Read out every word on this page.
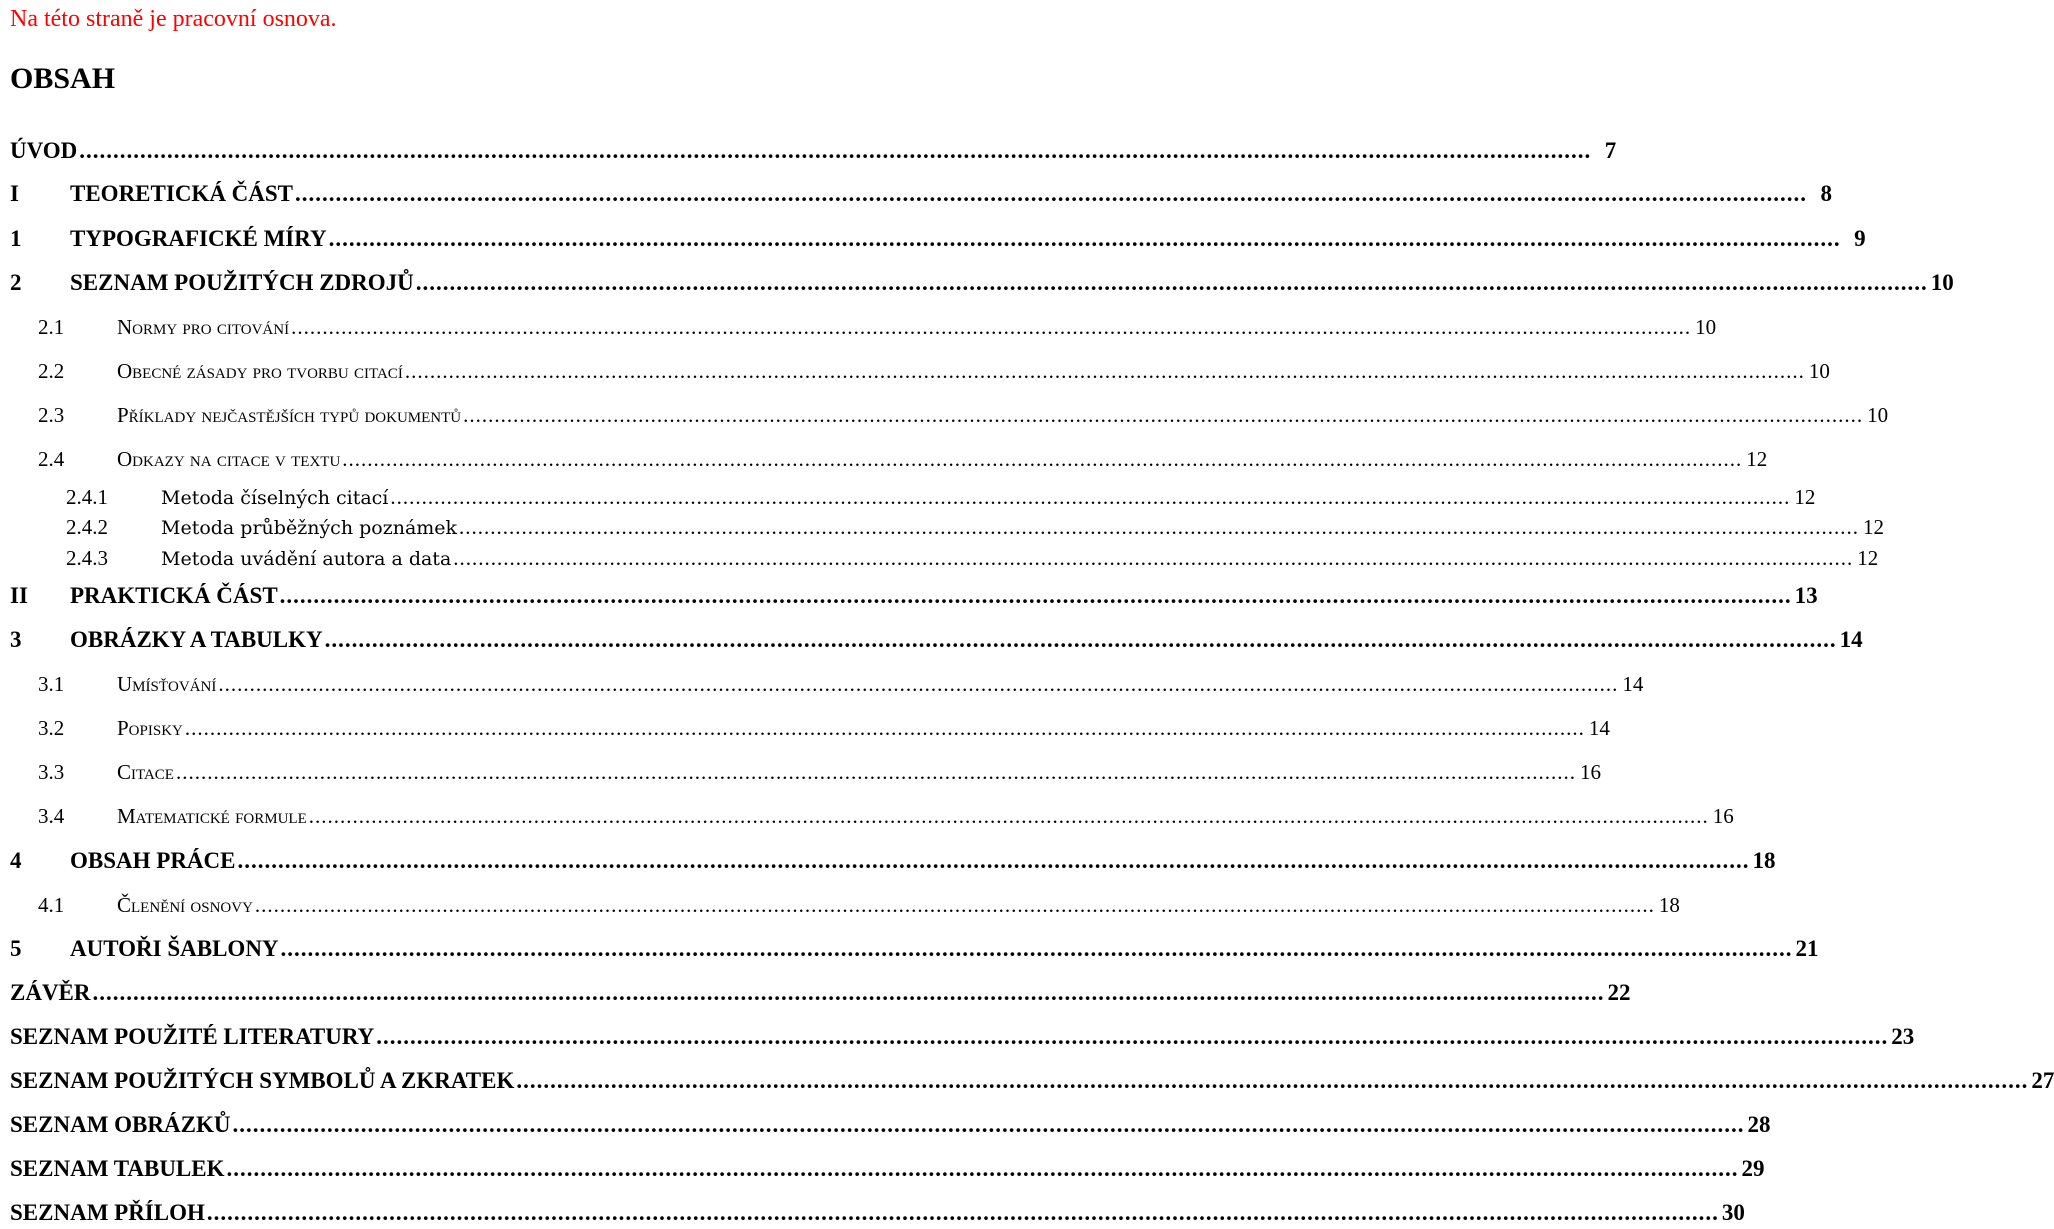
Na této straně je pracovní osnova.
OBSAH
ÚVOD ................................................................................................................................................................................................................................ 7
I	TEORETICKÁ ČÁST ................................................................................................................................................................................................................................ 8
1	TYPOGRAFICKÉ MÍRY ................................................................................................................................................................................................................................ 9
2	SEZNAM POUŽITÝCH ZDROJŮ ................................................................................................................................................................................................................................ 10
2.1	Normy pro citování ................................................................................................................................................................................................................................ 10
2.2	Obecné zásady pro tvorbu citací ................................................................................................................................................................................................................................ 10
2.3	Příklady nejčastějších typů dokumentů ................................................................................................................................................................................................................................ 10
2.4	Odkazy na citace v textu ................................................................................................................................................................................................................................ 12
2.4.1	Metoda číselných citací ................................................................................................................................................................................................................................ 12
2.4.2	Metoda průběžných poznámek ................................................................................................................................................................................................................................ 12
2.4.3	Metoda uvádění autora a data ................................................................................................................................................................................................................................ 12
II	PRAKTICKÁ ČÁST ................................................................................................................................................................................................................................ 13
3	OBRÁZKY A TABULKY ................................................................................................................................................................................................................................ 14
3.1	Umísťování ................................................................................................................................................................................................................................ 14
3.2	Popisky ................................................................................................................................................................................................................................ 14
3.3	Citace ................................................................................................................................................................................................................................ 16
3.4	Matematické formule ................................................................................................................................................................................................................................ 16
4	OBSAH PRÁCE ................................................................................................................................................................................................................................ 18
4.1	Členění osnovy ................................................................................................................................................................................................................................ 18
5	AUTOŘI ŠABLONY ................................................................................................................................................................................................................................ 21
ZÁVĚR ................................................................................................................................................................................................................................ 22
SEZNAM POUŽITÉ LITERATURY ................................................................................................................................................................................................................................ 23
SEZNAM POUŽITÝCH SYMBOLŮ A ZKRATEK ................................................................................................................................................................................................................................ 27
SEZNAM OBRÁZKŮ ................................................................................................................................................................................................................................ 28
SEZNAM TABULEK ................................................................................................................................................................................................................................ 29
SEZNAM PŘÍLOH ................................................................................................................................................................................................................................ 30
